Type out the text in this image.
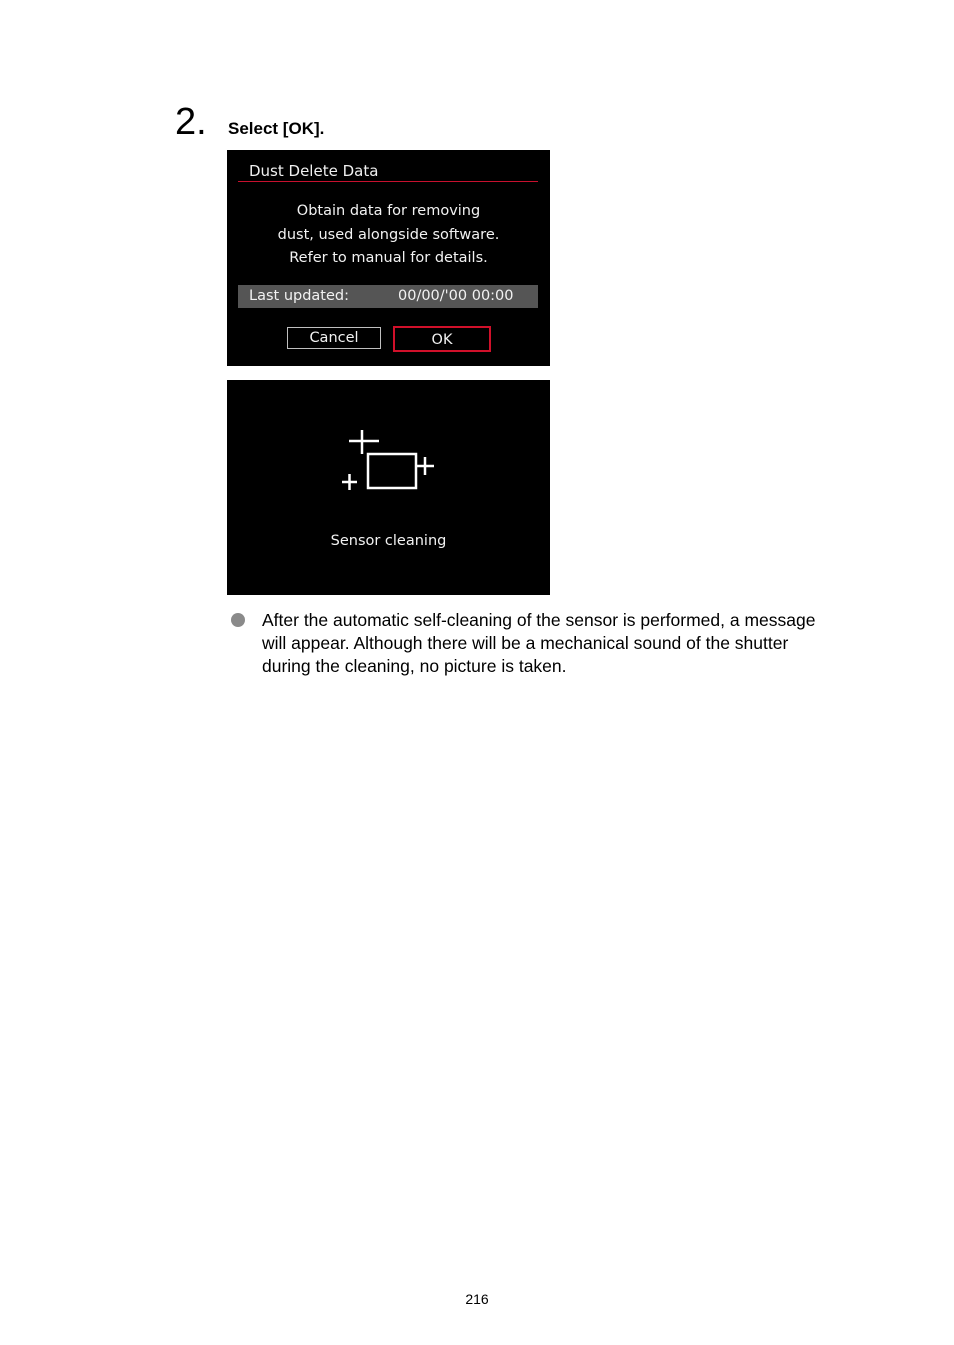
2. Select [OK].
Dust Delete Data
Obtain data for removing
dust, used alongside software.
Refer to manual for details.
Last updated:	00/00/'00 00:00
Cancel	OK
Sensor cleaning
After the automatic self-cleaning of the sensor is performed, a message
will appear. Although there will be a mechanical sound of the shutter
during the cleaning, no picture is taken.
216
